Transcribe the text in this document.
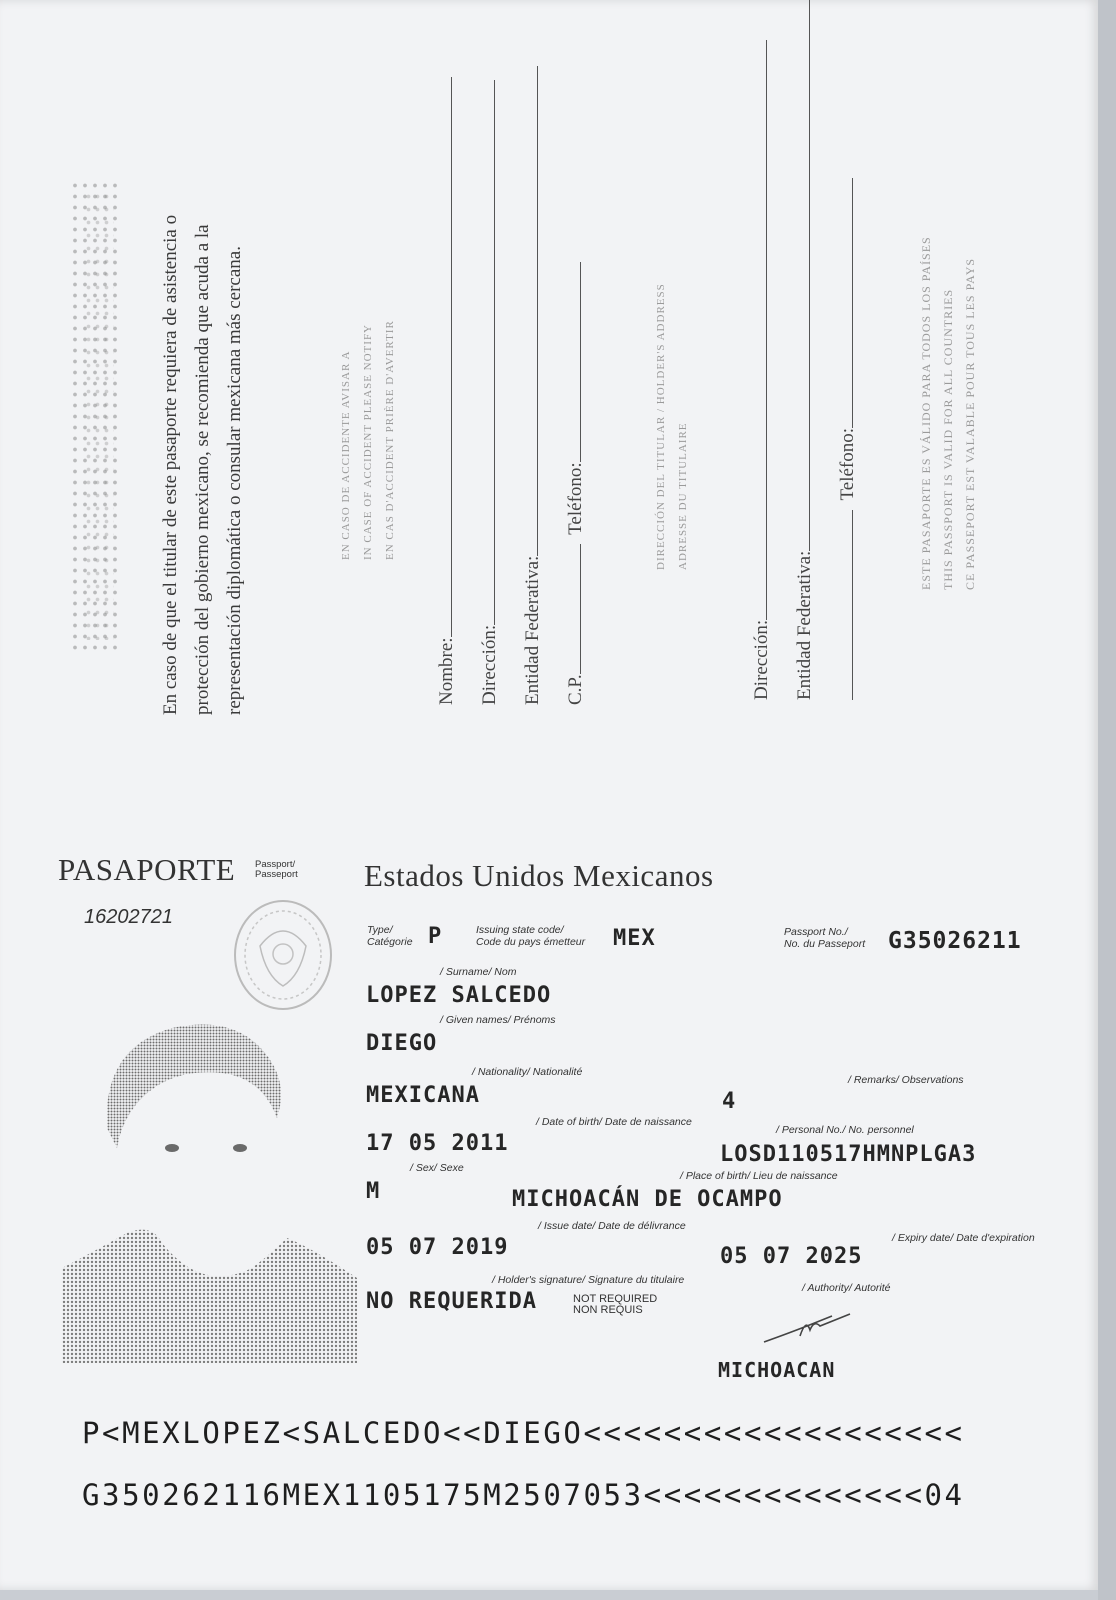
En caso de que el titular de este pasaporte requiera de asistencia o protección del gobierno mexicano, se recomienda que acuda a la representación diplomática o consular mexicana más cercana.	EN CASO DE ACCIDENTE AVISAR A IN CASE OF ACCIDENT PLEASE NOTIFY EN CAS D'ACCIDENT PRIÈRE D'AVERTIR
Nombre:	Dirección:	Entidad Federativa:	C.P.  Teléfono:	DIRECCIÓN DEL TITULAR / HOLDER'S ADDRESS ADRESSE DU TITULAIRE
Dirección:	Entidad Federativa:
Teléfono:	ESTE PASAPORTE ES VÁLIDO PARA TODOS LOS PAÍSES THIS PASSPORT IS VALID FOR ALL COUNTRIES CE PASSEPORT EST VALABLE POUR TOUS LES PAYS
PASAPORTE Passport/
Passeport Estados Unidos Mexicanos
16202721
Type/
Catégorie P	Issuing state code/
Code du pays émetteur MEX	Passport No./
No. du Passeport G35026211
/ Surname/ Nom
LOPEZ SALCEDO
/ Given names/ Prénoms
DIEGO
/ Nationality/ Nationalité
MEXICANA
/ Remarks/ Observations
4
/ Date of birth/ Date de naissance
17 05 2011
/ Personal No./ No. personnel
LOSD110517HMNPLGA3
/ Sex/ Sexe
M
/ Place of birth/ Lieu de naissance
MICHOACÁN DE OCAMPO
/ Issue date/ Date de délivrance
05 07 2019	/ Expiry date/ Date d'expiration
05 07 2025
/ Holder's signature/ Signature du titulaire
NO REQUERIDA	NOT REQUIRED
NON REQUIS
/ Authority/ Autorité
MICHOACAN
P<MEXLOPEZ<SALCEDO<<DIEGO<<<<<<<<<<<<<<<<<<<
G350262116MEX1105175M2507053<<<<<<<<<<<<<<04
